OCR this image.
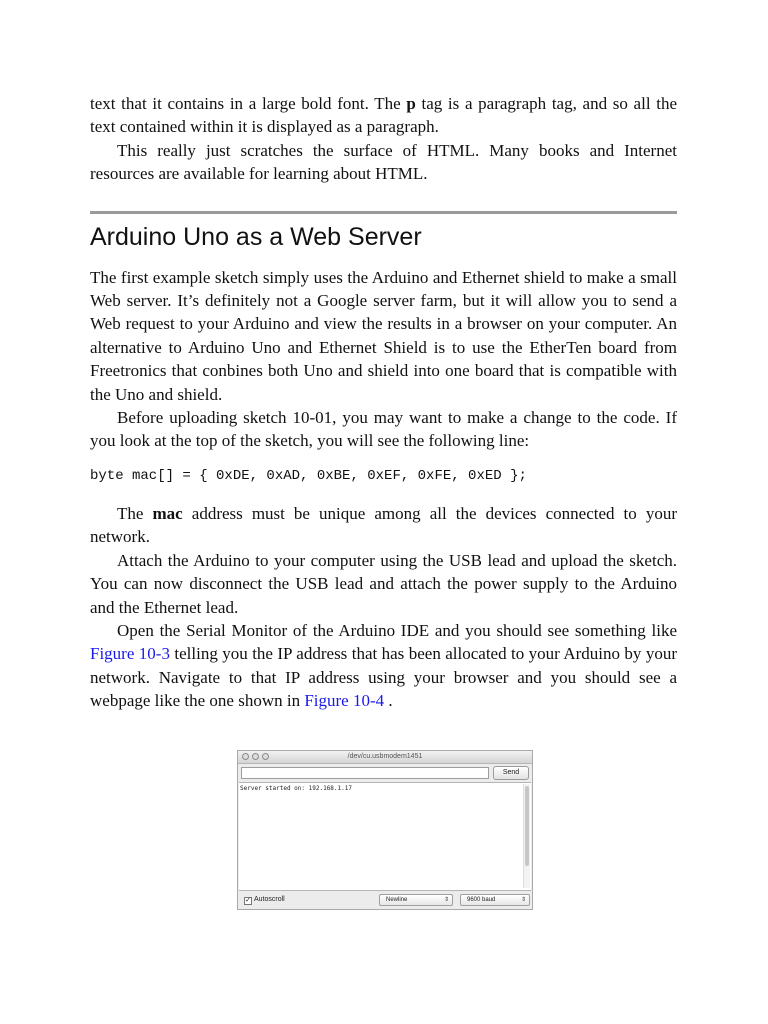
text that it contains in a large bold font. The p tag is a paragraph tag, and so all the text contained within it is displayed as a paragraph.

This really just scratches the surface of HTML. Many books and Internet resources are available for learning about HTML.

Arduino Uno as a Web Server

The first example sketch simply uses the Arduino and Ethernet shield to make a small Web server. It’s definitely not a Google server farm, but it will allow you to send a Web request to your Arduino and view the results in a browser on your computer. An alternative to Arduino Uno and Ethernet Shield is to use the EtherTen board from Freetronics that conbines both Uno and shield into one board that is compatible with the Uno and shield.

Before uploading sketch 10-01, you may want to make a change to the code. If you look at the top of the sketch, you will see the following line:

byte mac[] = { 0xDE, 0xAD, 0xBE, 0xEF, 0xFE, 0xED };

The mac address must be unique among all the devices connected to your network.

Attach the Arduino to your computer using the USB lead and upload the sketch. You can now disconnect the USB lead and attach the power supply to the Arduino and the Ethernet lead.

Open the Serial Monitor of the Arduino IDE and you should see something like Figure 10-3 telling you the IP address that has been allocated to your Arduino by your network. Navigate to that IP address using your browser and you should see a webpage like the one shown in Figure 10-4 .

/dev/cu.usbmodem1451
Send
Server started on: 192.168.1.17
✓ Autoscroll	Newline	⇕	9600 baud	⇕
